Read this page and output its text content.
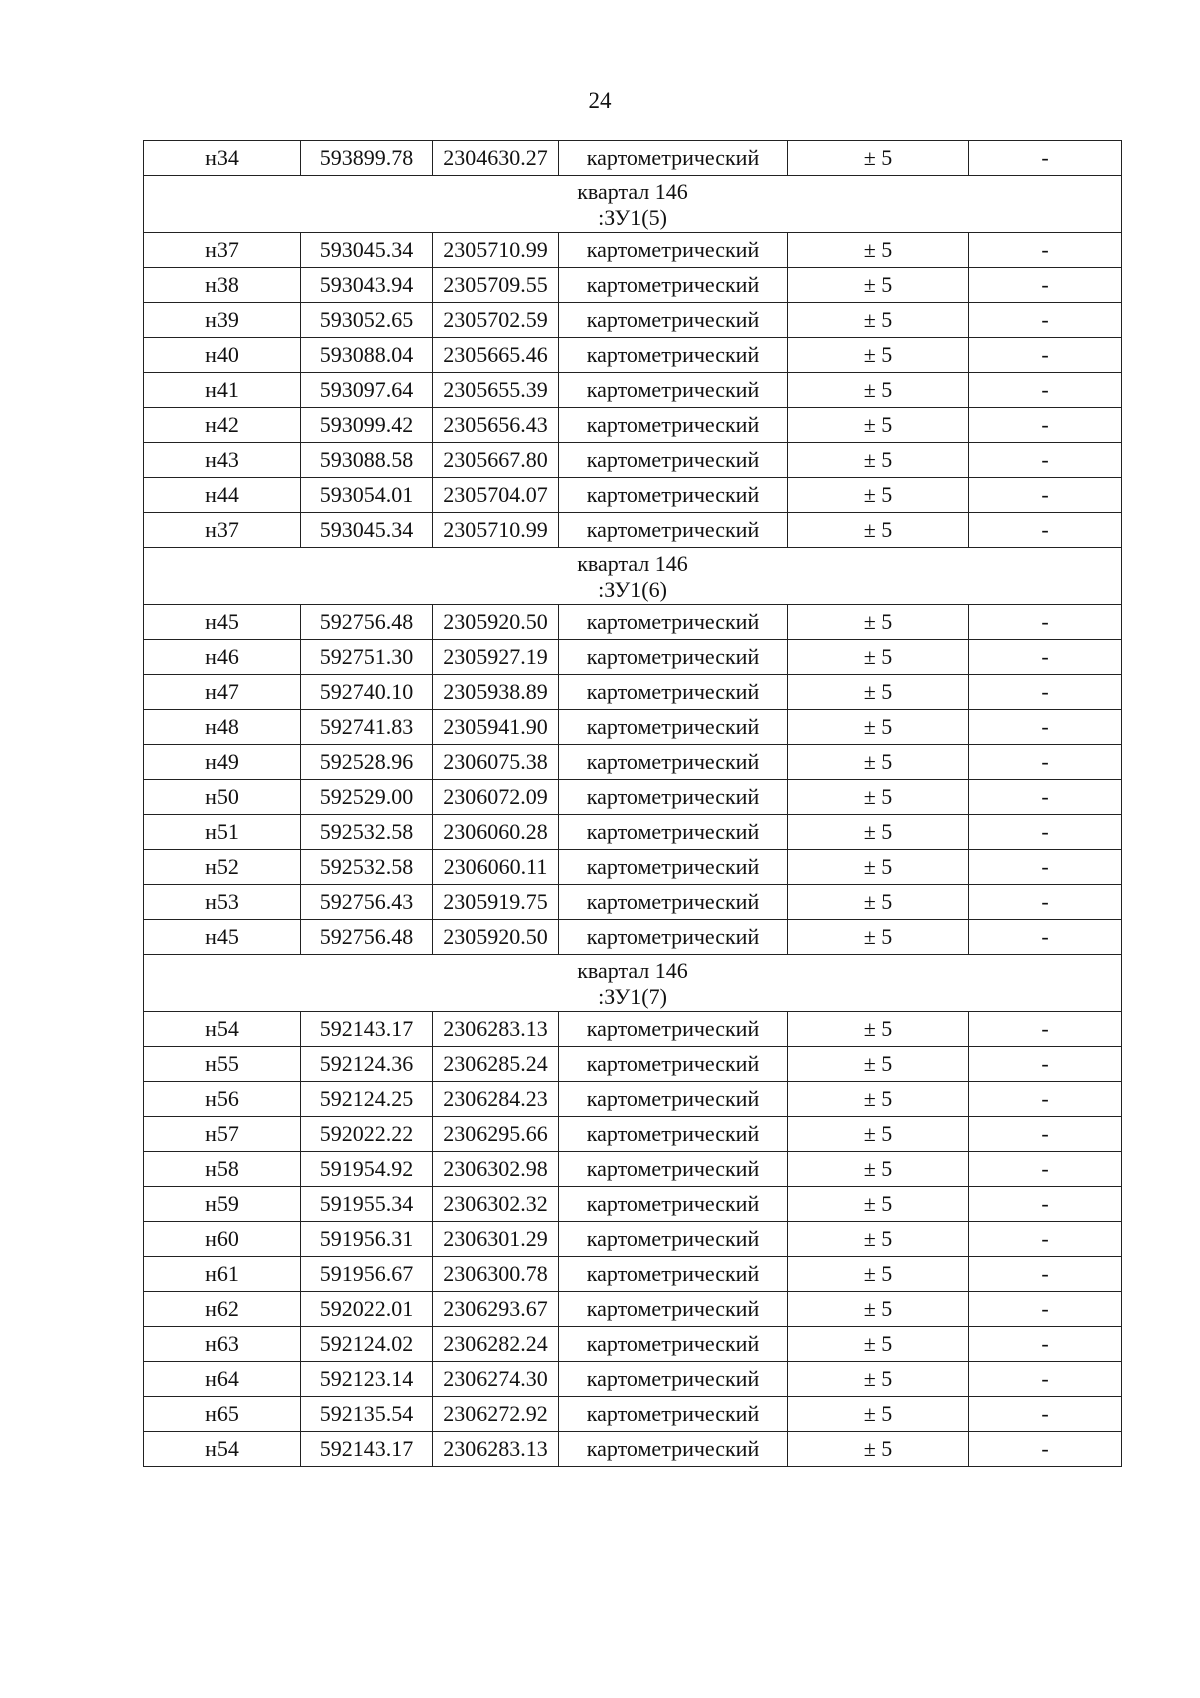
24
н34	593899.78	2304630.27	картометрический	± 5	-

квартал 146
:ЗУ1(5)					

н37	593045.34	2305710.99	картометрический	± 5	-
н38	593043.94	2305709.55	картометрический	± 5	-
н39	593052.65	2305702.59	картометрический	± 5	-
н40	593088.04	2305665.46	картометрический	± 5	-
н41	593097.64	2305655.39	картометрический	± 5	-
н42	593099.42	2305656.43	картометрический	± 5	-
н43	593088.58	2305667.80	картометрический	± 5	-
н44	593054.01	2305704.07	картометрический	± 5	-
н37	593045.34	2305710.99	картометрический	± 5	-

квартал 146
:ЗУ1(6)					

н45	592756.48	2305920.50	картометрический	± 5	-
н46	592751.30	2305927.19	картометрический	± 5	-
н47	592740.10	2305938.89	картометрический	± 5	-
н48	592741.83	2305941.90	картометрический	± 5	-
н49	592528.96	2306075.38	картометрический	± 5	-
н50	592529.00	2306072.09	картометрический	± 5	-
н51	592532.58	2306060.28	картометрический	± 5	-
н52	592532.58	2306060.11	картометрический	± 5	-
н53	592756.43	2305919.75	картометрический	± 5	-
н45	592756.48	2305920.50	картометрический	± 5	-

квартал 146
:ЗУ1(7)					

н54	592143.17	2306283.13	картометрический	± 5	-
н55	592124.36	2306285.24	картометрический	± 5	-
н56	592124.25	2306284.23	картометрический	± 5	-
н57	592022.22	2306295.66	картометрический	± 5	-
н58	591954.92	2306302.98	картометрический	± 5	-
н59	591955.34	2306302.32	картометрический	± 5	-
н60	591956.31	2306301.29	картометрический	± 5	-
н61	591956.67	2306300.78	картометрический	± 5	-
н62	592022.01	2306293.67	картометрический	± 5	-
н63	592124.02	2306282.24	картометрический	± 5	-
н64	592123.14	2306274.30	картометрический	± 5	-
н65	592135.54	2306272.92	картометрический	± 5	-
н54	592143.17	2306283.13	картометрический	± 5	-
